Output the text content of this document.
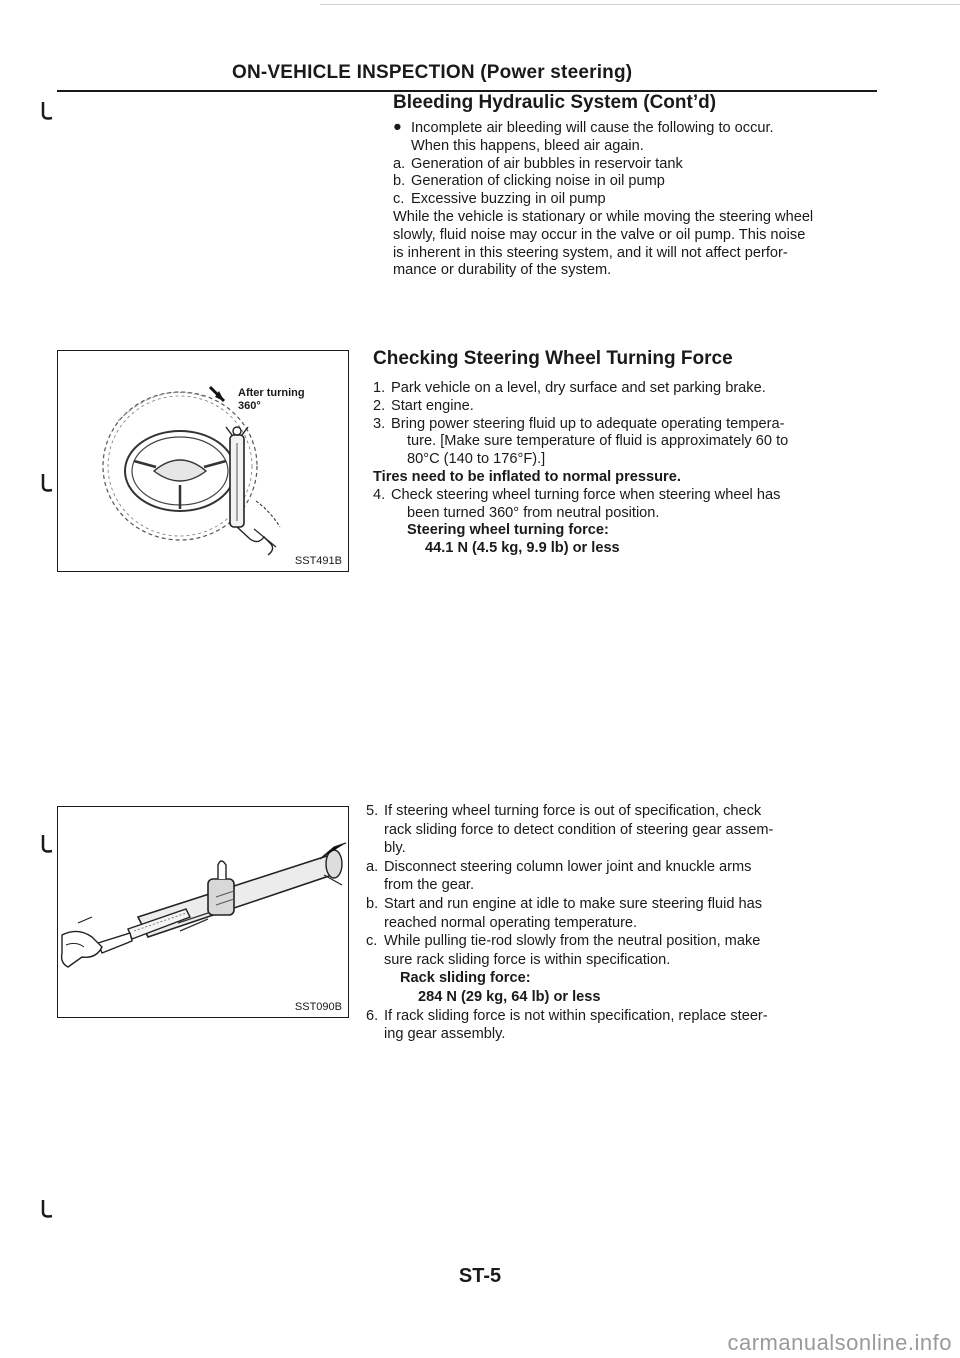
ON-VEHICLE INSPECTION (Power steering)
Bleeding Hydraulic System (Cont’d)
● Incomplete air bleeding will cause the following to occur.
When this happens, bleed air again.
a. Generation of air bubbles in reservoir tank
b. Generation of clicking noise in oil pump
c. Excessive buzzing in oil pump
While the vehicle is stationary or while moving the steering wheel
slowly, fluid noise may occur in the valve or oil pump. This noise
is inherent in this steering system, and it will not affect perfor-
mance or durability of the system.
After turning
360°
SST491B
Checking Steering Wheel Turning Force
1. Park vehicle on a level, dry surface and set parking brake.
2. Start engine.
3. Bring power steering fluid up to adequate operating tempera-
ture. [Make sure temperature of fluid is approximately 60 to
80°C (140 to 176°F).]
Tires need to be inflated to normal pressure.
4. Check steering wheel turning force when steering wheel has
been turned 360° from neutral position.
Steering wheel turning force:
44.1 N (4.5 kg, 9.9 lb) or less
SST090B
5. If steering wheel turning force is out of specification, check
rack sliding force to detect condition of steering gear assem-
bly.
a. Disconnect steering column lower joint and knuckle arms
from the gear.
b. Start and run engine at idle to make sure steering fluid has
reached normal operating temperature.
c. While pulling tie-rod slowly from the neutral position, make
sure rack sliding force is within specification.
Rack sliding force:
284 N (29 kg, 64 lb) or less
6. If rack sliding force is not within specification, replace steer-
ing gear assembly.
ST-5
carmanualsonline.info
